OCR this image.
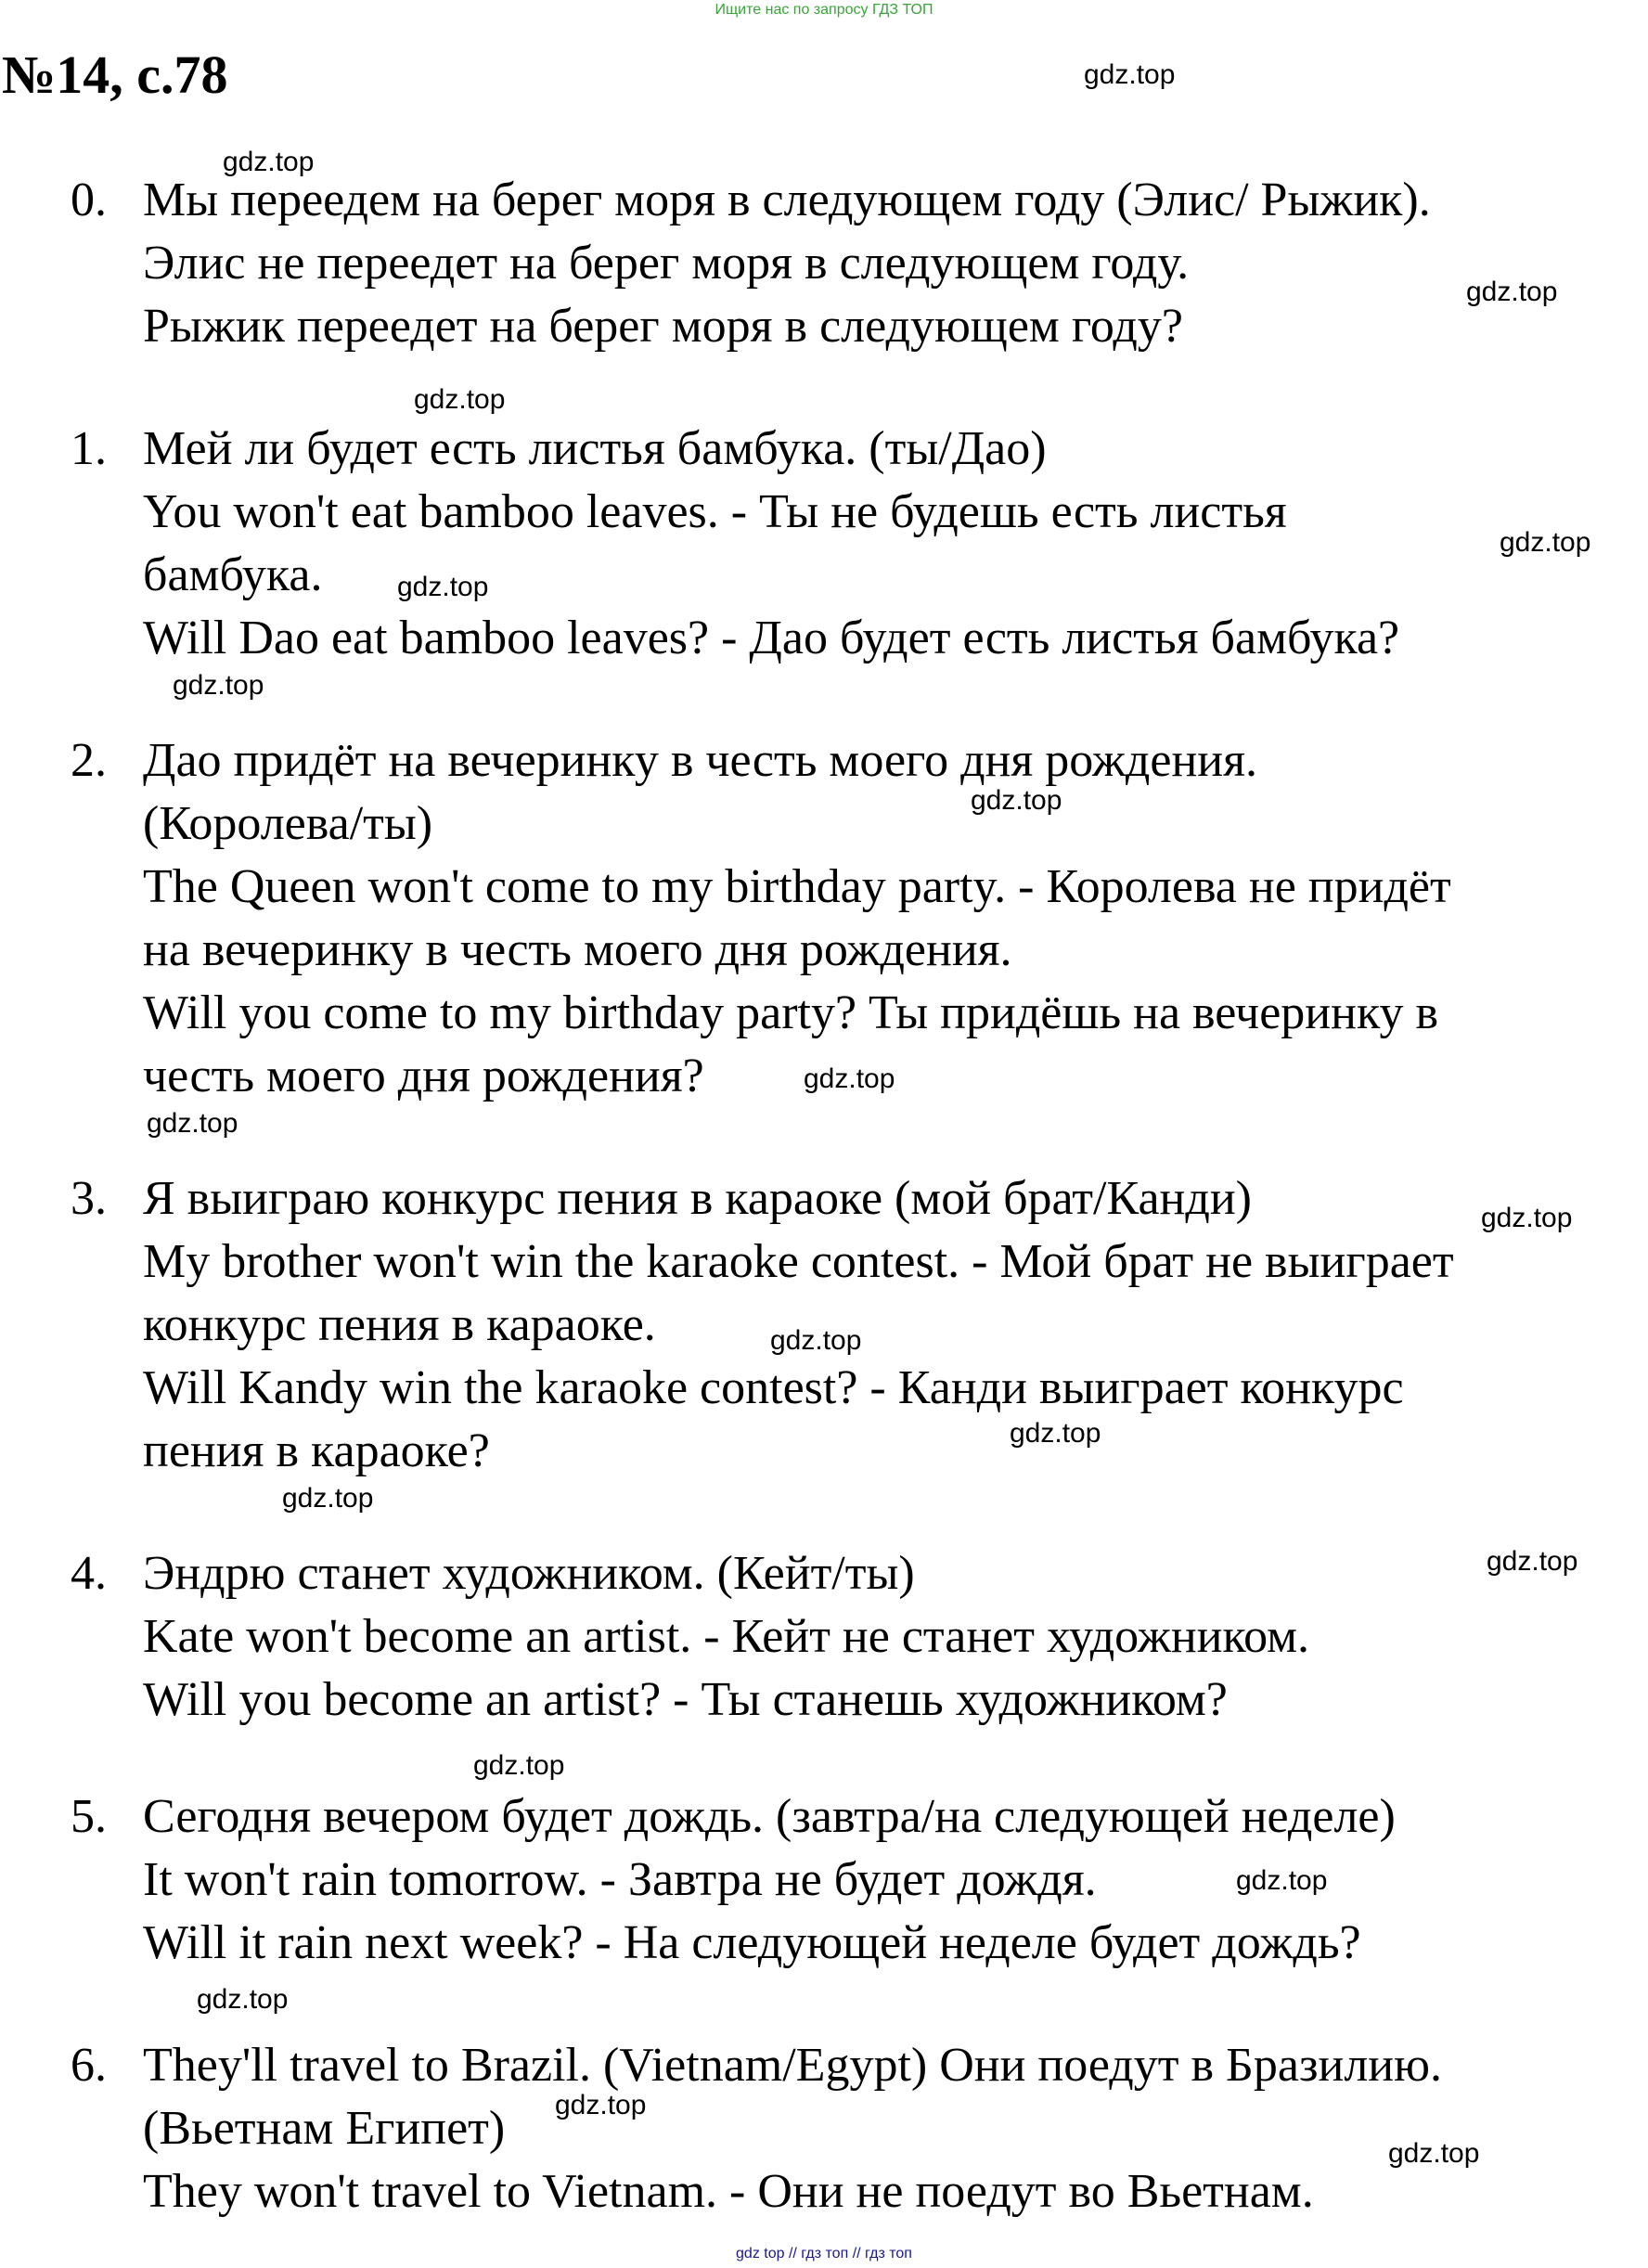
Ищите нас по запросу ГДЗ ТОП
№14, с.78	gdz.top
gdz.top
gdz.top
gdz.top
gdz.top
gdz.top
gdz.top
gdz.top
gdz.top
gdz.top
gdz.top
gdz.top
gdz.top
gdz.top
gdz.top
gdz.top
gdz.top
gdz.top
gdz.top
gdz.top
0. Мы переедем на берег моря в следующем году (Элис/ Рыжик).
Элис не переедет на берег моря в следующем году.
Рыжик переедет на берег моря в следующем году?
1. Мей ли будет есть листья бамбука. (ты/Дао)
You won't eat bamboo leaves. - Ты не будешь есть листья
бамбука.
Will Dao eat bamboo leaves? - Дао будет есть листья бамбука?
2. Дао придёт на вечеринку в честь моего дня рождения.
(Королева/ты)
The Queen won't come to my birthday party. - Королева не придёт
на вечеринку в честь моего дня рождения.
Will you come to my birthday party? Ты придёшь на вечеринку в
честь моего дня рождения?
3. Я выиграю конкурс пения в караоке (мой брат/Канди)
My brother won't win the karaoke contest. - Мой брат не выиграет
конкурс пения в караоке.
Will Kandy win the karaoke contest? - Канди выиграет конкурс
пения в караоке?
4. Эндрю станет художником. (Кейт/ты)
Kate won't become an artist. - Кейт не станет художником.
Will you become an artist? - Ты станешь художником?
5. Сегодня вечером будет дождь. (завтра/на следующей неделе)
It won't rain tomorrow. - Завтра не будет дождя.
Will it rain next week? - На следующей неделе будет дождь?
6. They'll travel to Brazil. (Vietnam/Egypt) Они поедут в Бразилию.
(Вьетнам Египет)
They won't travel to Vietnam. - Они не поедут во Вьетнам.
gdz top // гдз топ // гдз топ
